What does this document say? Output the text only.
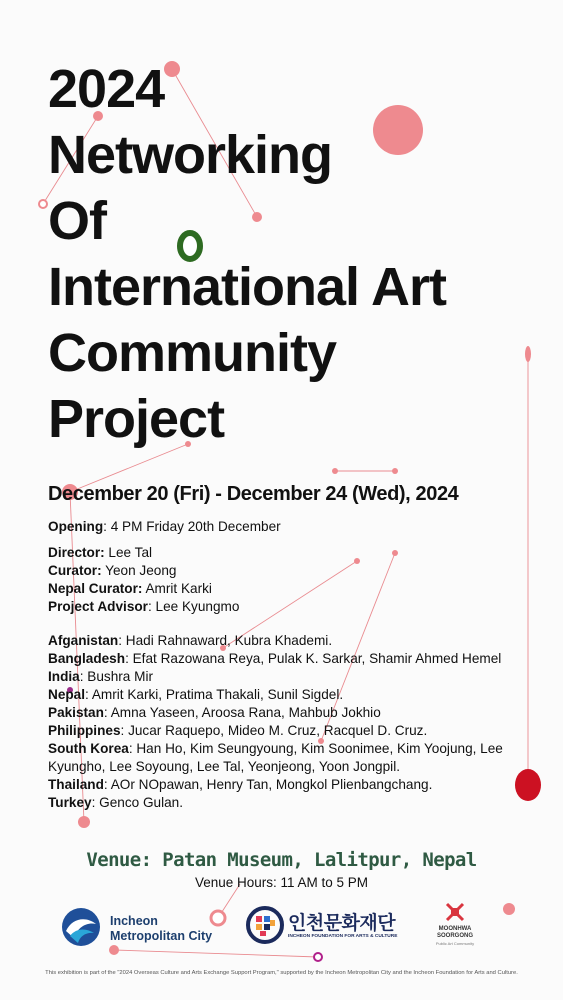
2024
Networking
Of
International Art
Community
Project
December 20 (Fri) - December 24 (Wed), 2024
Opening: 4 PM Friday 20th December
Director: Lee Tal
Curator: Yeon Jeong
Nepal Curator: Amrit Karki
Project Advisor: Lee Kyungmo
Afganistan: Hadi Rahnaward, Kubra Khademi.
Bangladesh: Efat Razowana Reya, Pulak K. Sarkar, Shamir Ahmed Hemel
India: Bushra Mir
Nepal: Amrit Karki, Pratima Thakali, Sunil Sigdel.
Pakistan: Amna Yaseen, Aroosa Rana, Mahbub Jokhio
Philippines: Jucar Raquepo, Mideo M. Cruz, Racquel D. Cruz.
South Korea: Han Ho, Kim Seungyoung, Kim Soonimee, Kim Yoojung, Lee Kyungho, Lee Soyoung, Lee Tal, Yeonjeong, Yoon Jongpil.
Thailand: AOr NOpawan, Henry Tan, Mongkol Plienbangchang.
Turkey: Genco Gulan.
Venue: Patan Museum, Lalitpur, Nepal
Venue Hours: 11 AM to 5 PM
Incheon
Metropolitan City
인천문화재단
INCHEON FOUNDATION FOR ARTS & CULTURE
MOONHWA
SOORGONG
Public Art Community
This exhibition is part of the "2024 Overseas Culture and Arts Exchange Support Program," supported by the Incheon Metropolitan City and the Incheon Foundation for Arts and Culture.
